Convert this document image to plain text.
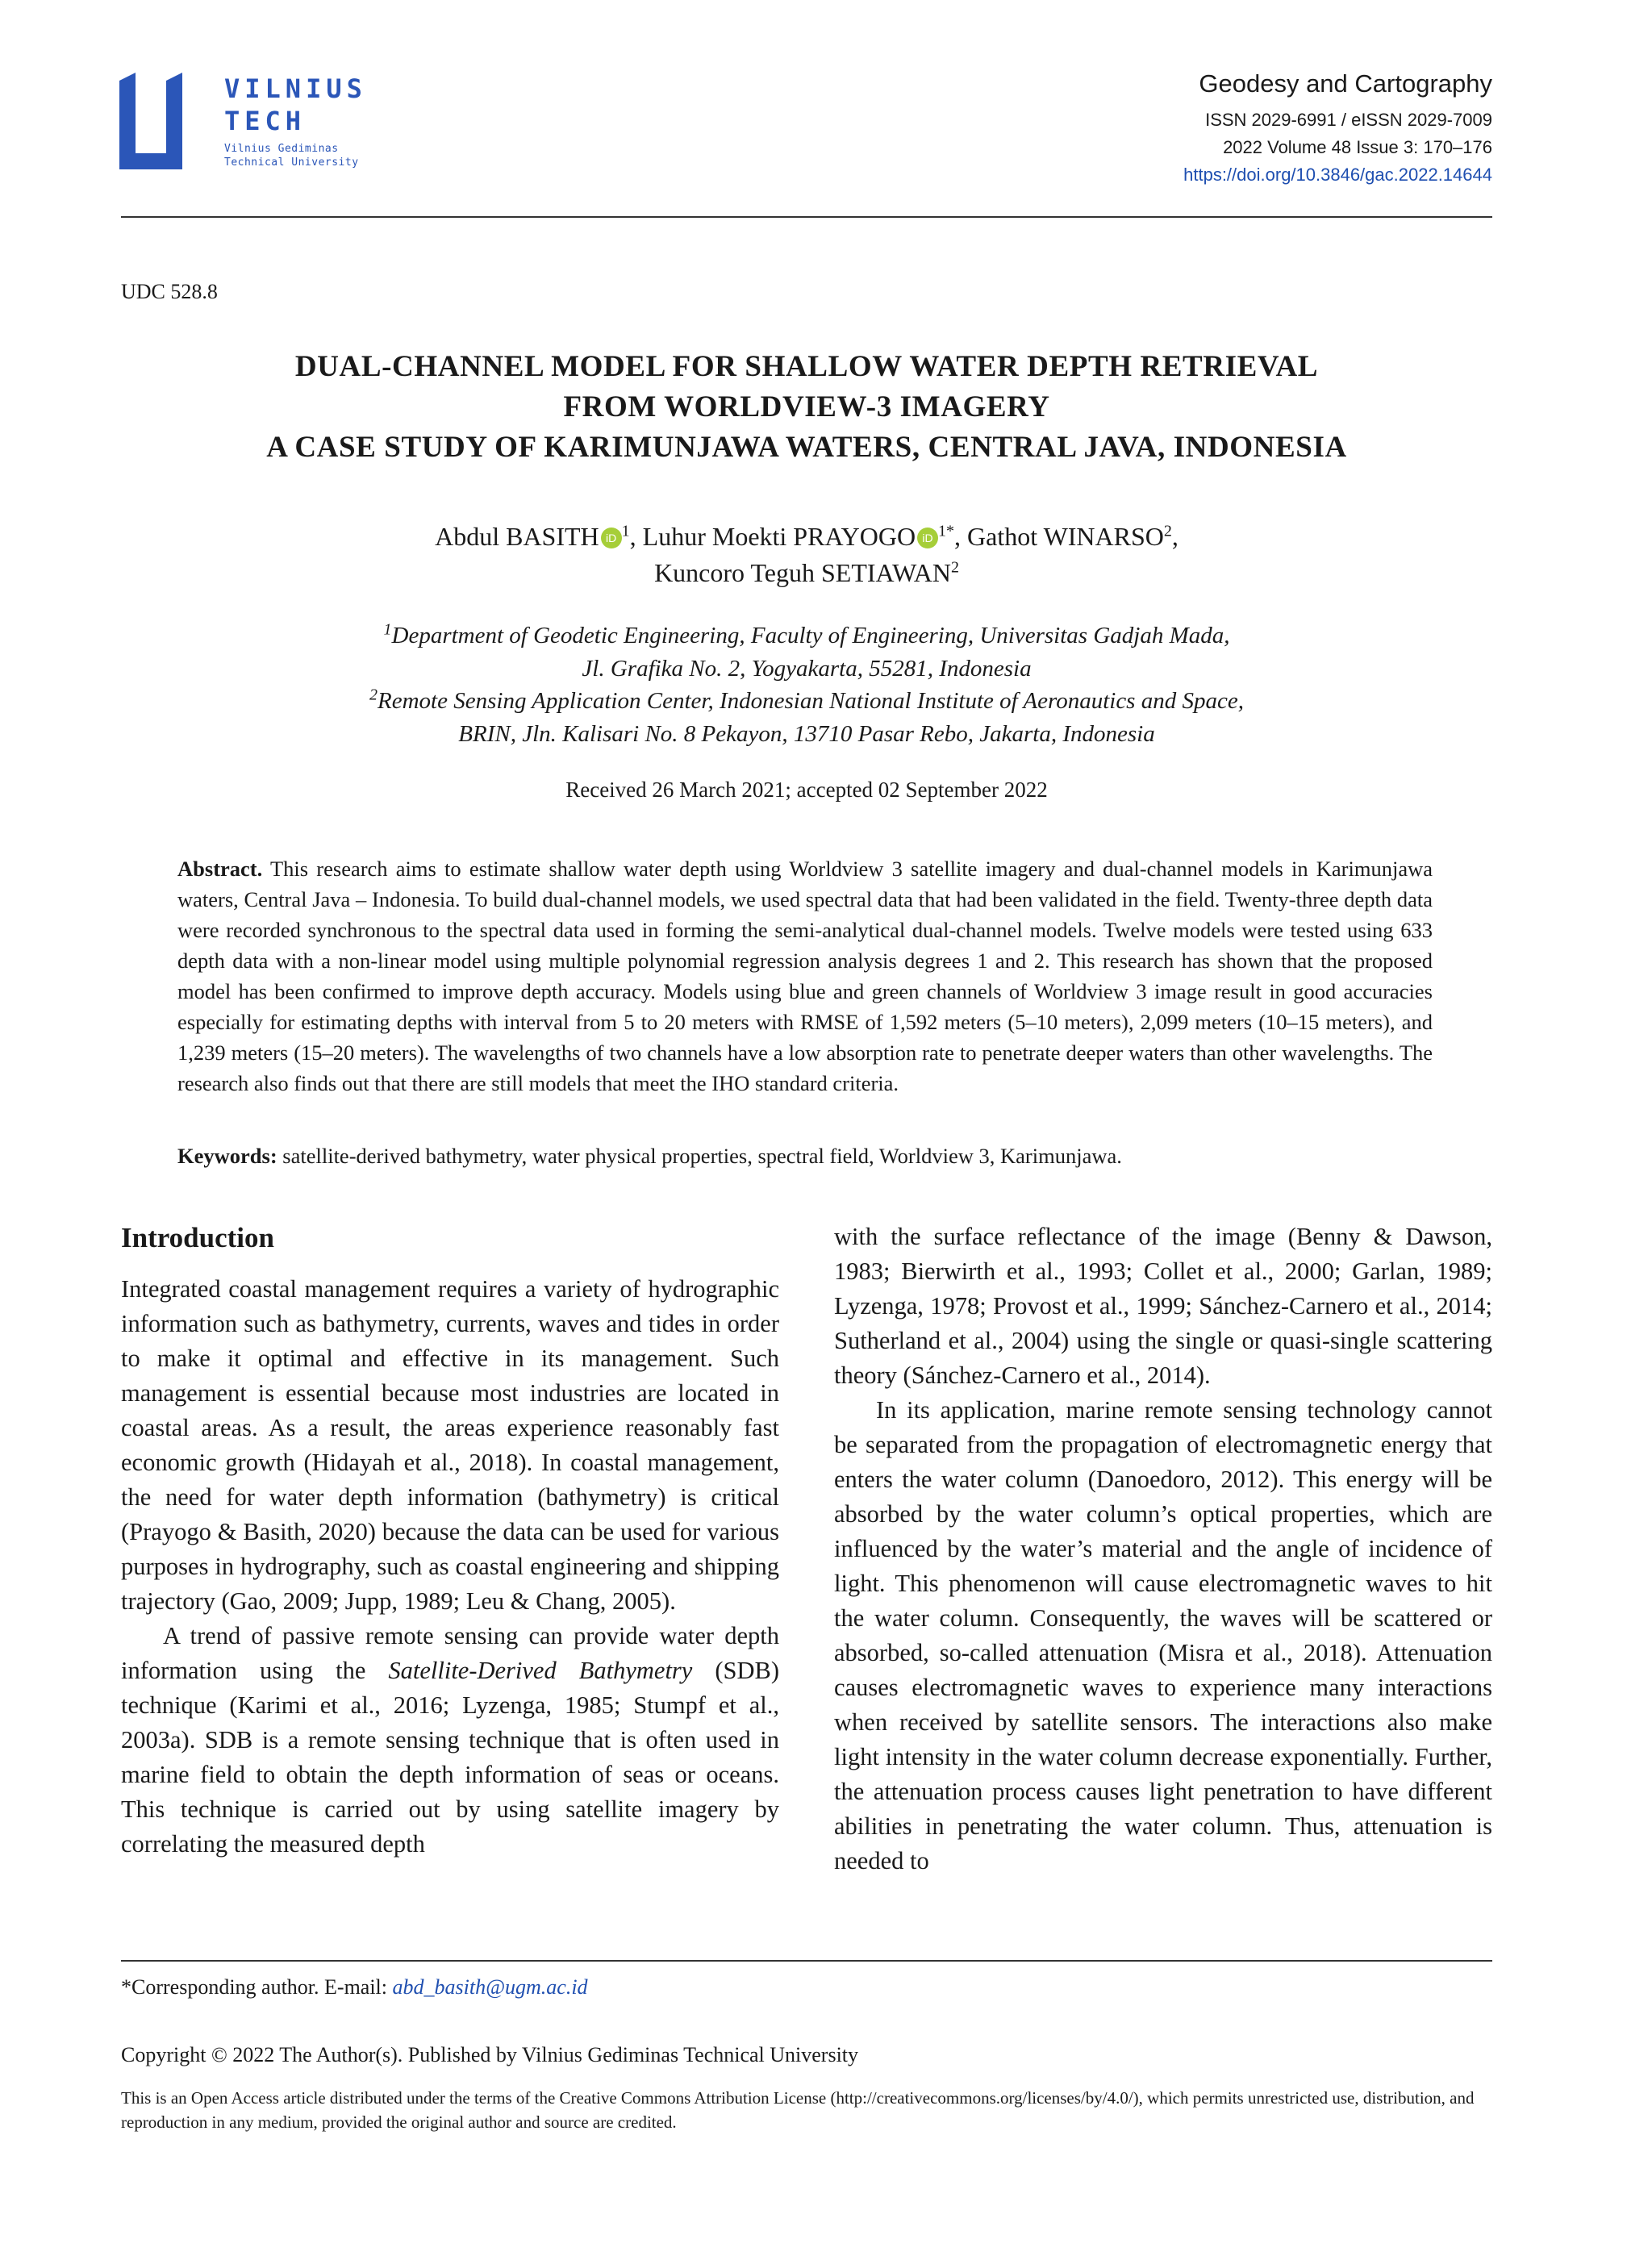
VILNIUS
TECH
Vilnius Gediminas
Technical University
Geodesy and Cartography
ISSN 2029-6991 / eISSN 2029-7009
2022 Volume 48 Issue 3: 170–176
https://doi.org/10.3846/gac.2022.14644
UDC 528.8
DUAL-CHANNEL MODEL FOR SHALLOW WATER DEPTH RETRIEVAL
FROM WORLDVIEW-3 IMAGERY
A CASE STUDY OF KARIMUNJAWA WATERS, CENTRAL JAVA, INDONESIA
Abdul BASITH iD $^1$, Luhur Moekti PRAYOGO iD $^{1*}$, Gathot WINARSO$^2$,
Kuncoro Teguh SETIAWAN$^2$
$^1$Department of Geodetic Engineering, Faculty of Engineering, Universitas Gadjah Mada,
Jl. Grafika No. 2, Yogyakarta, 55281, Indonesia
$^2$Remote Sensing Application Center, Indonesian National Institute of Aeronautics and Space,
BRIN, Jln. Kalisari No. 8 Pekayon, 13710 Pasar Rebo, Jakarta, Indonesia
Received 26 March 2021; accepted 02 September 2022
Abstract. This research aims to estimate shallow water depth using Worldview 3 satellite imagery and dual-channel models in Karimunjawa waters, Central Java – Indonesia. To build dual-channel models, we used spectral data that had been validated in the field. Twenty-three depth data were recorded synchronous to the spectral data used in forming the semi-analytical dual-channel models. Twelve models were tested using 633 depth data with a non-linear model using multiple polynomial regression analysis degrees 1 and 2. This research has shown that the proposed model has been confirmed to improve depth accuracy. Models using blue and green channels of Worldview 3 image result in good accuracies especially for estimating depths with interval from 5 to 20 meters with RMSE of 1,592 meters (5–10 meters), 2,099 meters (10–15 meters), and 1,239 meters (15–20 meters). The wavelengths of two channels have a low absorption rate to penetrate deeper waters than other wavelengths. The research also finds out that there are still models that meet the IHO standard criteria.
Keywords: satellite-derived bathymetry, water physical properties, spectral field, Worldview 3, Karimunjawa.
Introduction

Integrated coastal management requires a variety of hydrographic information such as bathymetry, currents, waves and tides in order to make it optimal and effective in its management. Such management is essential because most industries are located in coastal areas. As a result, the areas experience reasonably fast economic growth (Hidayah et al., 2018). In coastal management, the need for water depth information (bathymetry) is critical (Prayogo & Basith, 2020) because the data can be used for various purposes in hydrography, such as coastal engineering and shipping trajectory (Gao, 2009; Jupp, 1989; Leu & Chang, 2005).

A trend of passive remote sensing can provide water depth information using the Satellite-Derived Bathymetry (SDB) technique (Karimi et al., 2016; Lyzenga, 1985; Stumpf et al., 2003a). SDB is a remote sensing technique that is often used in marine field to obtain the depth information of seas or oceans. This technique is carried out by using satellite imagery by correlating the measured depth

with the surface reflectance of the image (Benny & Dawson, 1983; Bierwirth et al., 1993; Collet et al., 2000; Garlan, 1989; Lyzenga, 1978; Provost et al., 1999; Sánchez-Carnero et al., 2014; Sutherland et al., 2004) using the single or quasi-single scattering theory (Sánchez-Carnero et al., 2014).

In its application, marine remote sensing technology cannot be separated from the propagation of electromagnetic energy that enters the water column (Danoedoro, 2012). This energy will be absorbed by the water column’s optical properties, which are influenced by the water’s material and the angle of incidence of light. This phenomenon will cause electromagnetic waves to hit the water column. Consequently, the waves will be scattered or absorbed, so-called attenuation (Misra et al., 2018). Attenuation causes electromagnetic waves to experience many interactions when received by satellite sensors. The interactions also make light intensity in the water column decrease exponentially. Further, the attenuation process causes light penetration to have different abilities in penetrating the water column. Thus, attenuation is needed to

*Corresponding author. E-mail: abd_basith@ugm.ac.id
Copyright © 2022 The Author(s). Published by Vilnius Gediminas Technical University
This is an Open Access article distributed under the terms of the Creative Commons Attribution License (http://creativecommons.org/licenses/by/4.0/), which permits unrestricted use, distribution, and reproduction in any medium, provided the original author and source are credited.
